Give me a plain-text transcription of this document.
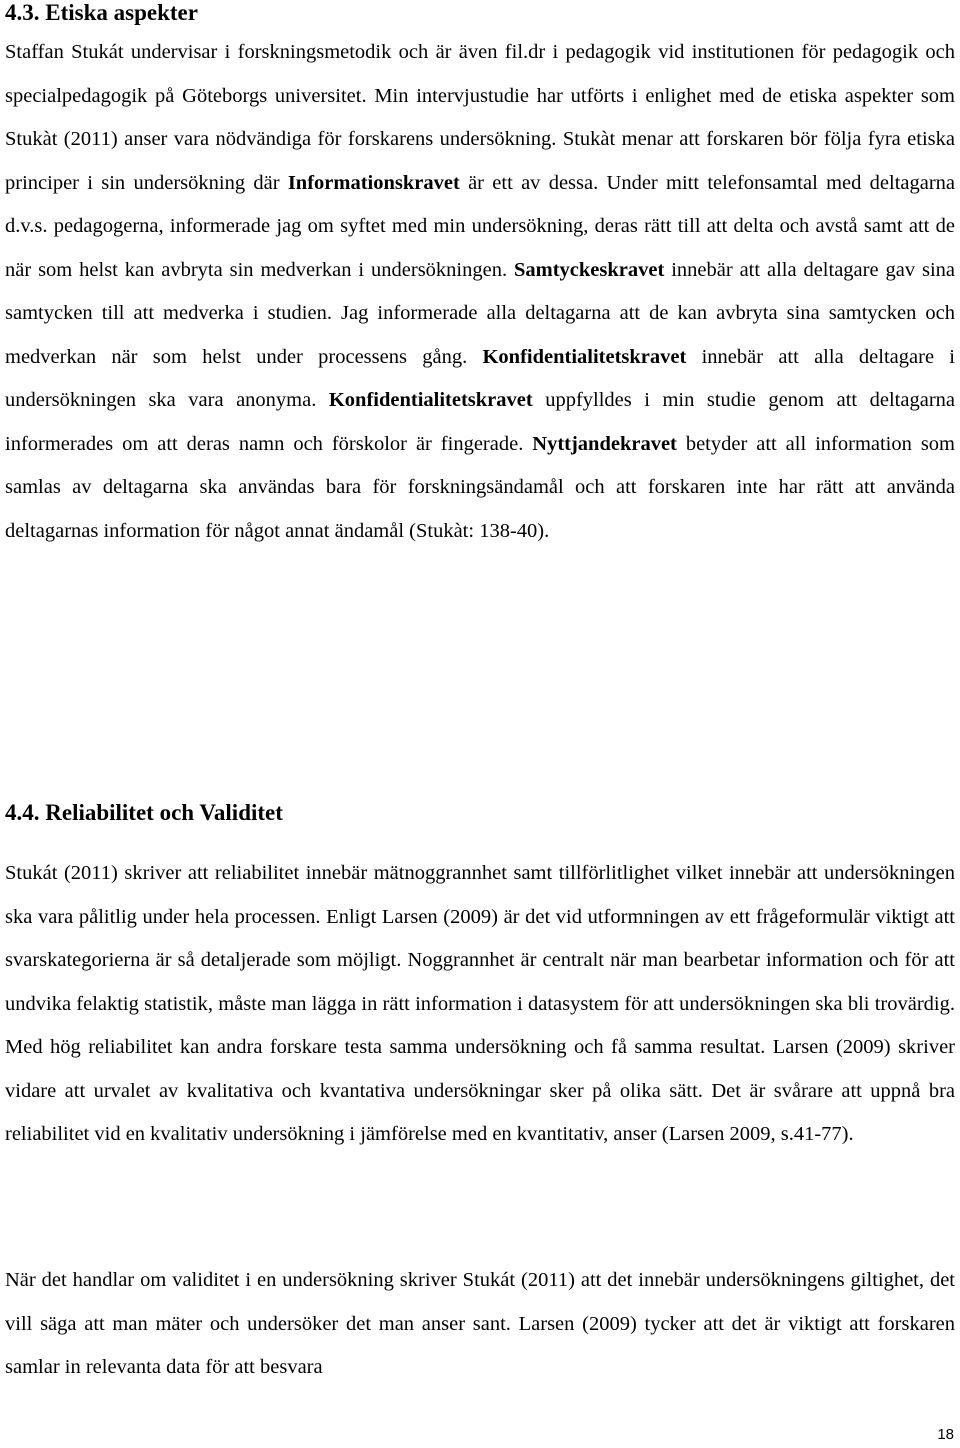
4.3. Etiska aspekter

Staffan Stukát undervisar i forskningsmetodik och är även fil.dr i pedagogik vid institutionen för pedagogik och specialpedagogik på Göteborgs universitet. Min intervjustudie har utförts i enlighet med de etiska aspekter som Stukàt (2011) anser vara nödvändiga för forskarens undersökning. Stukàt menar att forskaren bör följa fyra etiska principer i sin undersökning där Informationskravet är ett av dessa. Under mitt telefonsamtal med deltagarna d.v.s. pedagogerna, informerade jag om syftet med min undersökning, deras rätt till att delta och avstå samt att de när som helst kan avbryta sin medverkan i undersökningen. Samtyckeskravet innebär att alla deltagare gav sina samtycken till att medverka i studien. Jag informerade alla deltagarna att de kan avbryta sina samtycken och medverkan när som helst under processens gång. Konfidentialitetskravet innebär att alla deltagare i undersökningen ska vara anonyma. Konfidentialitetskravet uppfylldes i min studie genom att deltagarna informerades om att deras namn och förskolor är fingerade. Nyttjandekravet betyder att all information som samlas av deltagarna ska användas bara för forskningsändamål och att forskaren inte har rätt att använda deltagarnas information för något annat ändamål (Stukàt: 138-40).

4.4. Reliabilitet och Validitet

Stukát (2011) skriver att reliabilitet innebär mätnoggrannhet samt tillförlitlighet vilket innebär att undersökningen ska vara pålitlig under hela processen. Enligt Larsen (2009) är det vid utformningen av ett frågeformulär viktigt att svarskategorierna är så detaljerade som möjligt. Noggrannhet är centralt när man bearbetar information och för att undvika felaktig statistik, måste man lägga in rätt information i datasystem för att undersökningen ska bli trovärdig. Med hög reliabilitet kan andra forskare testa samma undersökning och få samma resultat. Larsen (2009) skriver vidare att urvalet av kvalitativa och kvantativa undersökningar sker på olika sätt. Det är svårare att uppnå bra reliabilitet vid en kvalitativ undersökning i jämförelse med en kvantitativ, anser (Larsen 2009, s.41-77).

När det handlar om validitet i en undersökning skriver Stukát (2011) att det innebär undersökningens giltighet, det vill säga att man mäter och undersöker det man anser sant. Larsen (2009) tycker att det är viktigt att forskaren samlar in relevanta data för att besvara

18
